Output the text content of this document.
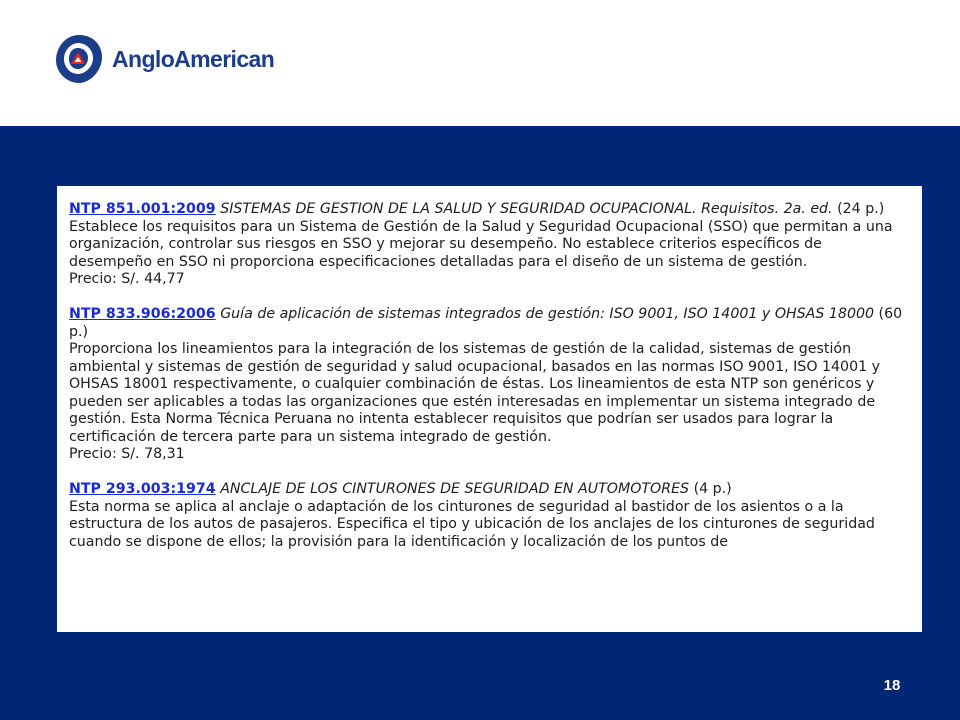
AngloAmerican
NTP 851.001:2009 SISTEMAS DE GESTION DE LA SALUD Y SEGURIDAD OCUPACIONAL. Requisitos. 2a. ed. (24 p.)
Establece los requisitos para un Sistema de Gestión de la Salud y Seguridad Ocupacional (SSO) que permitan a una organización, controlar sus riesgos en SSO y mejorar su desempeño. No establece criterios específicos de desempeño en SSO ni proporciona especificaciones detalladas para el diseño de un sistema de gestión.
Precio: S/. 44,77
NTP 833.906:2006 Guía de aplicación de sistemas integrados de gestión: ISO 9001, ISO 14001 y OHSAS 18000 (60 p.)
Proporciona los lineamientos para la integración de los sistemas de gestión de la calidad, sistemas de gestión ambiental y sistemas de gestión de seguridad y salud ocupacional, basados en las normas ISO 9001, ISO 14001 y OHSAS 18001 respectivamente, o cualquier combinación de éstas. Los lineamientos de esta NTP son genéricos y pueden ser aplicables a todas las organizaciones que estén interesadas en implementar un sistema integrado de gestión. Esta Norma Técnica Peruana no intenta establecer requisitos que podrían ser usados para lograr la certificación de tercera parte para un sistema integrado de gestión.
Precio: S/. 78,31
NTP 293.003:1974 ANCLAJE DE LOS CINTURONES DE SEGURIDAD EN AUTOMOTORES (4 p.)
Esta norma se aplica al anclaje o adaptación de los cinturones de seguridad al bastidor de los asientos o a la estructura de los autos de pasajeros. Especifica el tipo y ubicación de los anclajes de los cinturones de seguridad cuando se dispone de ellos; la provisión para la identificación y localización de los puntos de
18
